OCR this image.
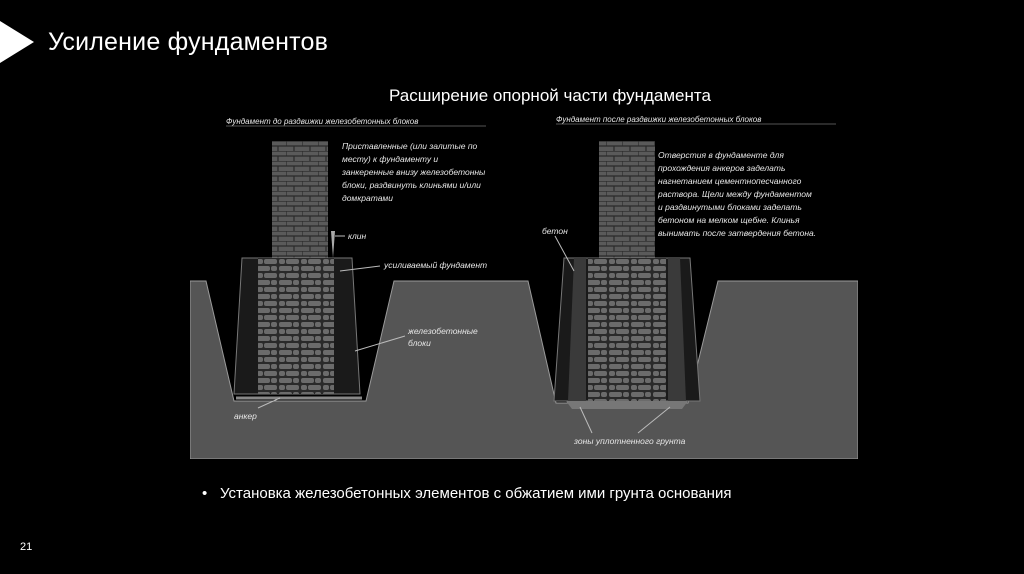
Усиление фундаментов
Расширение опорной части фундамента
Фундамент до раздвижки железобетонных блоков	Фундамент после раздвижки железобетонных блоков
Приставленные (или залитые по
месту) к фундаменту и
занкеренные внизу железобетонны
блоки, раздвинуть клиньями и/или
домкратами
Отверстия в фундаменте для
прохождения анкеров заделать
нагнетанием цементнопесчанного
раствора. Щели между фундаментом
и раздвинутыми блоками заделать
бетоном на мелком щебне. Клинья
вынимать после затвердения бетона.
клин
усиливаемый фундамент
железобетонные
блоки
анкер
бетон
зоны уплотненного грунта
• Установка железобетонных элементов с обжатием ими грунта основания
21
